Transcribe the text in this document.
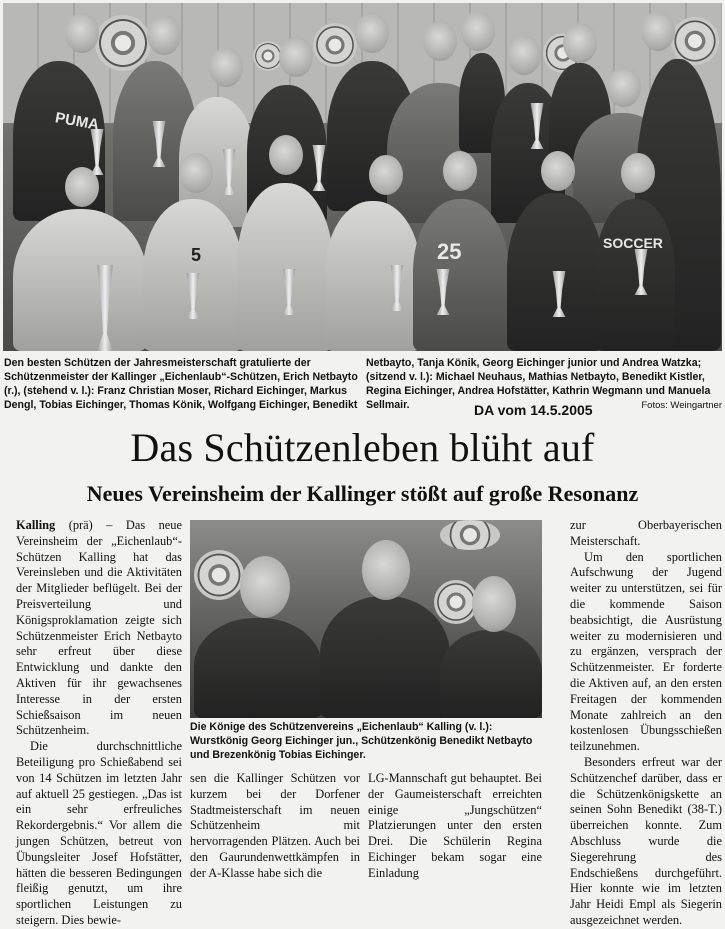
PUMA
5	25	SOCCER
Den besten Schützen der Jahresmeisterschaft gratulierte der Schützenmeister der Kallinger „Eichenlaub“-Schützen, Erich Netbayto (r.), (stehend v. l.): Franz Christian Moser, Richard Eichinger, Markus Dengl, Tobias Eichinger, Thomas Könik, Wolfgang Eichinger, Benedikt
Netbayto, Tanja Könik, Georg Eichinger junior und Andrea Watzka; (sitzend v. l.): Michael Neuhaus, Mathias Netbayto, Benedikt Kistler, Regina Eichinger, Andrea Hofstätter, Kathrin Wegmann und Manuela Sellmair.	DA vom 14.5.2005	Fotos: Weingartner
Das Schützenleben blüht auf
Neues Vereinsheim der Kallinger stößt auf große Resonanz

Kalling (prä) – Das neue Vereinsheim der „Eichenlaub“-Schützen Kalling hat das Vereinsleben und die Aktivitäten der Mitglieder beflügelt. Bei der Preisverteilung und Königsproklamation zeigte sich Schützenmeister Erich Netbayto sehr erfreut über diese Entwicklung und dankte den Aktiven für ihr gewachsenes Interesse in der ersten Schießsaison im neuen Schützenheim.

Die durchschnittliche Beteiligung pro Schießabend sei von 14 Schützen im letzten Jahr auf aktuell 25 gestiegen. „Das ist ein sehr erfreuliches Rekordergebnis.“ Vor allem die jungen Schützen, betreut von Übungsleiter Josef Hofstätter, hätten die besseren Bedingungen fleißig genutzt, um ihre sportlichen Leistungen zu steigern. Dies bewie-

Die Könige des Schützenvereins „Eichenlaub“ Kalling (v. l.): Wurstkönig Georg Eichinger jun., Schützenkönig Benedikt Netbayto und Brezenkönig Tobias Eichinger.

sen die Kallinger Schützen vor kurzem bei der Dorfener Stadtmeisterschaft im neuen Schützenheim mit hervorragenden Plätzen. Auch bei den Gaurundenwettkämpfen in der A-Klasse habe sich die

LG-Mannschaft gut behauptet. Bei der Gaumeisterschaft erreichten einige „Jungschützen“ Platzierungen unter den ersten Drei. Die Schülerin Regina Eichinger bekam sogar eine Einladung

zur Oberbayerischen Meisterschaft.

Um den sportlichen Aufschwung der Jugend weiter zu unterstützen, sei für die kommende Saison beabsichtigt, die Ausrüstung weiter zu modernisieren und zu ergänzen, versprach der Schützenmeister. Er forderte die Aktiven auf, an den ersten Freitagen der kommenden Monate zahlreich an den kostenlosen Übungsschießen teilzunehmen.

Besonders erfreut war der Schützenchef darüber, dass er die Schützenkönigskette an seinen Sohn Benedikt (38-T.) überreichen konnte. Zum Abschluss wurde die Siegerehrung des Endschießens durchgeführt. Hier konnte wie im letzten Jahr Heidi Empl als Siegerin ausgezeichnet werden.
